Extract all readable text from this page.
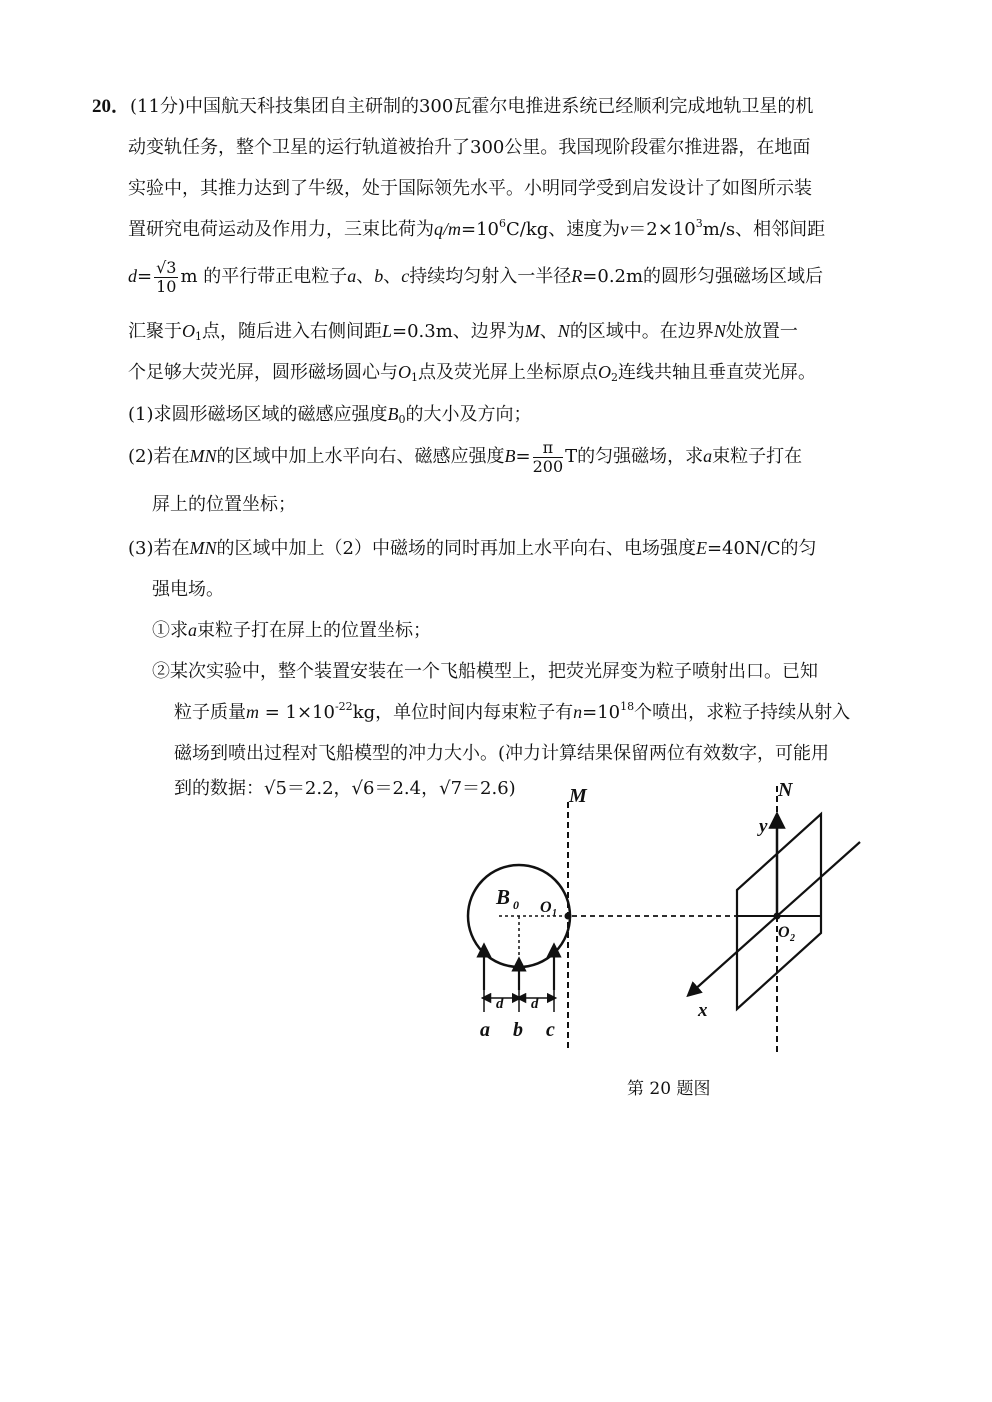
20．(11分)中国航天科技集团自主研制的300瓦霍尔电推进系统已经顺利完成地轨卫星的机
动变轨任务，整个卫星的运行轨道被抬升了300公里。我国现阶段霍尔推进器，在地面
实验中，其推力达到了牛级，处于国际领先水平。小明同学受到启发设计了如图所示装
置研究电荷运动及作用力，三束比荷为$q/m=10^6C/kg$、速度为$v=2\times 10^3m/s$、相邻间距
$d= \frac{√3}{10}$ m 的平行带正电粒子a、b、c持续均匀射入一半径R=0.2m的圆形匀强磁场区域后
汇聚于$O_1$点，随后进入右侧间距L=0.3m、边界为M、N的区域中。在边界N处放置一
个足够大荧光屏，圆形磁场圆心与$O_1$点及荧光屏上坐标原点$O_2$连线共轴且垂直荧光屏。
(1)求圆形磁场区域的磁感应强度$B_0$的大小及方向；
(2)若在MN的区域中加上水平向右、磁感应强度$B= \frac{\pi}{200}$ T的匀强磁场，求a束粒子打在
屏上的位置坐标；
(3)若在MN的区域中加上（2）中磁场的同时再加上水平向右、电场强度E=40N/C的匀
强电场。
①求a束粒子打在屏上的位置坐标；
②某次实验中，整个装置安装在一个飞船模型上，把荧光屏变为粒子喷射出口。已知
粒子质量$m = 1\times 10^{-22}kg$，单位时间内每束粒子有$n=10^{18}$个喷出，求粒子持续从射入
磁场到喷出过程对飞船模型的冲力大小。(冲力计算结果保留两位有效数字，可能用
到的数据：√5＝2.2，√6＝2.4，√7＝2.6)	M	N
B 0 O 1
O 2
y
x
d d
a b c
第 20 题图
